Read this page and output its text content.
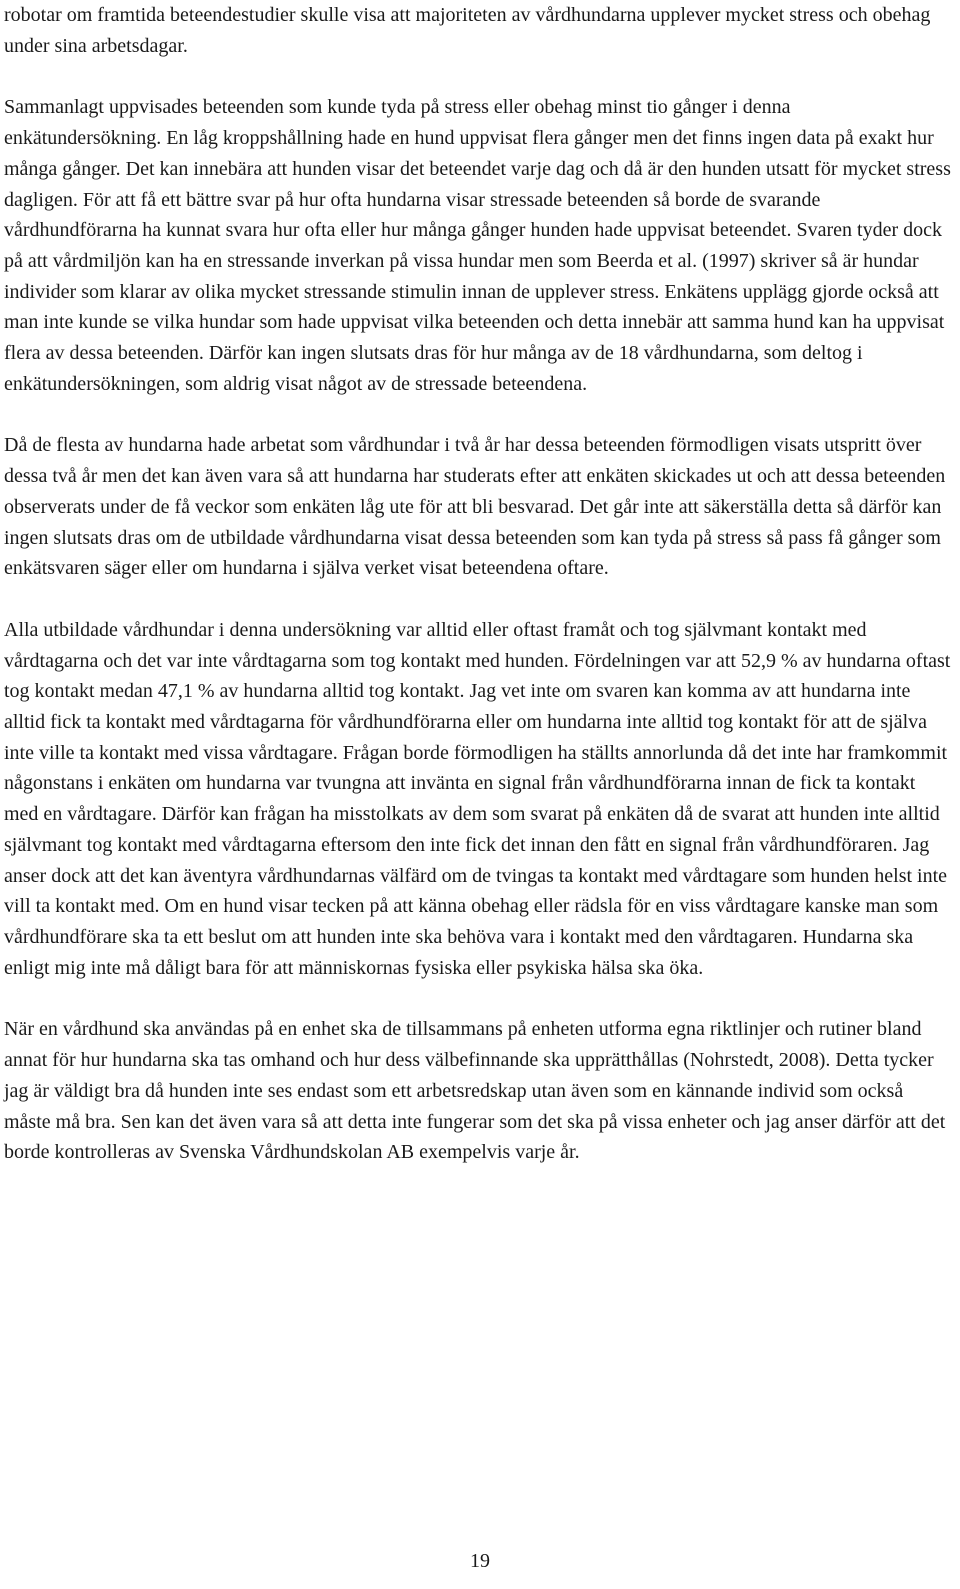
robotar om framtida beteendestudier skulle visa att majoriteten av vårdhundarna upplever mycket stress och obehag under sina arbetsdagar.

Sammanlagt uppvisades beteenden som kunde tyda på stress eller obehag minst tio gånger i denna enkätundersökning. En låg kroppshållning hade en hund uppvisat flera gånger men det finns ingen data på exakt hur många gånger. Det kan innebära att hunden visar det beteendet varje dag och då är den hunden utsatt för mycket stress dagligen. För att få ett bättre svar på hur ofta hundarna visar stressade beteenden så borde de svarande vårdhundförarna ha kunnat svara hur ofta eller hur många gånger hunden hade uppvisat beteendet. Svaren tyder dock på att vårdmiljön kan ha en stressande inverkan på vissa hundar men som Beerda et al. (1997) skriver så är hundar individer som klarar av olika mycket stressande stimulin innan de upplever stress. Enkätens upplägg gjorde också att man inte kunde se vilka hundar som hade uppvisat vilka beteenden och detta innebär att samma hund kan ha uppvisat flera av dessa beteenden. Därför kan ingen slutsats dras för hur många av de 18 vårdhundarna, som deltog i enkätundersökningen, som aldrig visat något av de stressade beteendena.

Då de flesta av hundarna hade arbetat som vårdhundar i två år har dessa beteenden förmodligen visats utspritt över dessa två år men det kan även vara så att hundarna har studerats efter att enkäten skickades ut och att dessa beteenden observerats under de få veckor som enkäten låg ute för att bli besvarad. Det går inte att säkerställa detta så därför kan ingen slutsats dras om de utbildade vårdhundarna visat dessa beteenden som kan tyda på stress så pass få gånger som enkätsvaren säger eller om hundarna i själva verket visat beteendena oftare.

Alla utbildade vårdhundar i denna undersökning var alltid eller oftast framåt och tog självmant kontakt med vårdtagarna och det var inte vårdtagarna som tog kontakt med hunden. Fördelningen var att 52,9 % av hundarna oftast tog kontakt medan 47,1 % av hundarna alltid tog kontakt. Jag vet inte om svaren kan komma av att hundarna inte alltid fick ta kontakt med vårdtagarna för vårdhundförarna eller om hundarna inte alltid tog kontakt för att de själva inte ville ta kontakt med vissa vårdtagare. Frågan borde förmodligen ha ställts annorlunda då det inte har framkommit någonstans i enkäten om hundarna var tvungna att invänta en signal från vårdhundförarna innan de fick ta kontakt med en vårdtagare. Därför kan frågan ha misstolkats av dem som svarat på enkäten då de svarat att hunden inte alltid självmant tog kontakt med vårdtagarna eftersom den inte fick det innan den fått en signal från vårdhundföraren. Jag anser dock att det kan äventyra vårdhundarnas välfärd om de tvingas ta kontakt med vårdtagare som hunden helst inte vill ta kontakt med. Om en hund visar tecken på att känna obehag eller rädsla för en viss vårdtagare kanske man som vårdhundförare ska ta ett beslut om att hunden inte ska behöva vara i kontakt med den vårdtagaren. Hundarna ska enligt mig inte må dåligt bara för att människornas fysiska eller psykiska hälsa ska öka.

När en vårdhund ska användas på en enhet ska de tillsammans på enheten utforma egna riktlinjer och rutiner bland annat för hur hundarna ska tas omhand och hur dess välbefinnande ska upprätthållas (Nohrstedt, 2008). Detta tycker jag är väldigt bra då hunden inte ses endast som ett arbetsredskap utan även som en kännande individ som också måste må bra. Sen kan det även vara så att detta inte fungerar som det ska på vissa enheter och jag anser därför att det borde kontrolleras av Svenska Vårdhundskolan AB exempelvis varje år.

19
